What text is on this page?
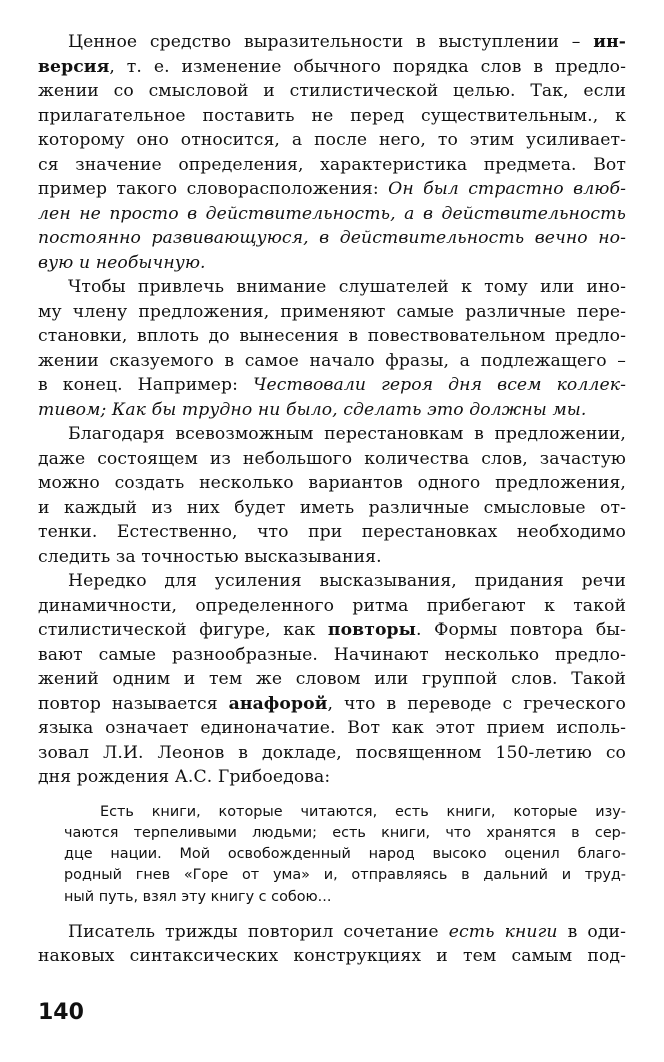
Ценное средство выразительности в выступлении – ин-
версия, т. е. изменение обычного порядка слов в предло-
жении со смысловой и стилистической целью. Так, если
прилагательное поставить не перед существительным., к
которому оно относится, а после него, то этим усиливает-
ся значение определения, характеристика предмета. Вот
пример такого словорасположения: Он был страстно влюб-
лен не просто в действительность, а в действительность
постоянно развивающуюся, в действительность вечно но-
вую и необычную.
Чтобы привлечь внимание слушателей к тому или ино-
му члену предложения, применяют самые различные пере-
становки, вплоть до вынесения в повествовательном предло-
жении сказуемого в самое начало фразы, а подлежащего –
в конец. Например: Чествовали героя дня всем коллек-
тивом; Как бы трудно ни было, сделать это должны мы.
Благодаря всевозможным перестановкам в предложении,
даже состоящем из небольшого количества слов, зачастую
можно создать несколько вариантов одного предложения,
и каждый из них будет иметь различные смысловые от-
тенки. Естественно, что при перестановках необходимо
следить за точностью высказывания.
Нередко для усиления высказывания, придания речи
динамичности, определенного ритма прибегают к такой
стилистической фигуре, как повторы. Формы повтора бы-
вают самые разнообразные. Начинают несколько предло-
жений одним и тем же словом или группой слов. Такой
повтор называется анафорой, что в переводе с греческого
языка означает единоначатие. Вот как этот прием исполь-
зовал Л.И. Леонов в докладе, посвященном 150-летию со
дня рождения А.С. Грибоедова:
Есть книги, которые читаются, есть книги, которые изу-
чаются терпеливыми людьми; есть книги, что хранятся в сер-
дце нации. Мой освобожденный народ высоко оценил благо-
родный гнев «Горе от ума» и, отправляясь в дальний и труд-
ный путь, взял эту книгу с собою...
Писатель трижды повторил сочетание есть книги в оди-
наковых синтаксических конструкциях и тем самым под-
140
